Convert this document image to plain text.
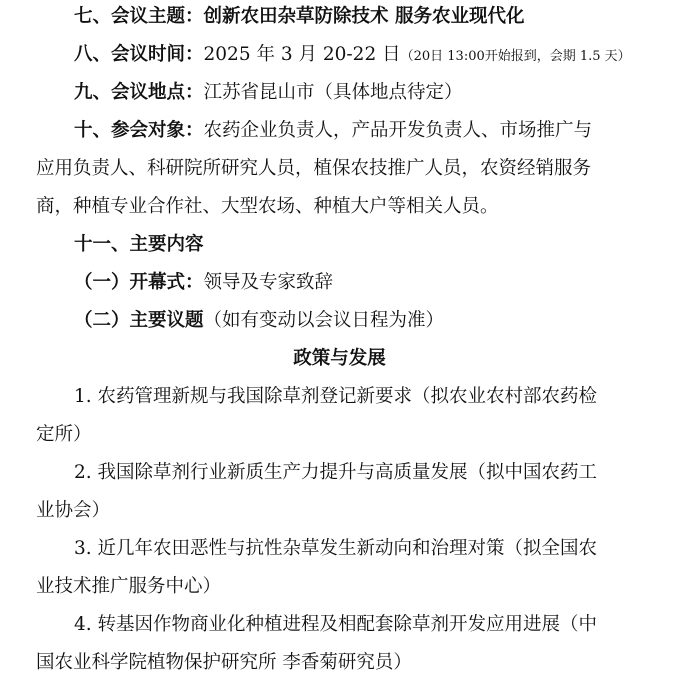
七、会议主题：创新农田杂草防除技术 服务农业现代化
八、会议时间：2025 年 3 月 20-22 日（20日 13:00开始报到，会期 1.5 天）
九、会议地点：江苏省昆山市（具体地点待定）
十、参会对象：农药企业负责人，产品开发负责人、市场推广与
应用负责人、科研院所研究人员，植保农技推广人员，农资经销服务
商，种植专业合作社、大型农场、种植大户等相关人员。
十一、主要内容
（一）开幕式：领导及专家致辞
（二）主要议题（如有变动以会议日程为准）
政策与发展
1. 农药管理新规与我国除草剂登记新要求（拟农业农村部农药检
定所）
2. 我国除草剂行业新质生产力提升与高质量发展（拟中国农药工
业协会）
3. 近几年农田恶性与抗性杂草发生新动向和治理对策（拟全国农
业技术推广服务中心）
4. 转基因作物商业化种植进程及相配套除草剂开发应用进展（中
国农业科学院植物保护研究所 李香菊研究员）
